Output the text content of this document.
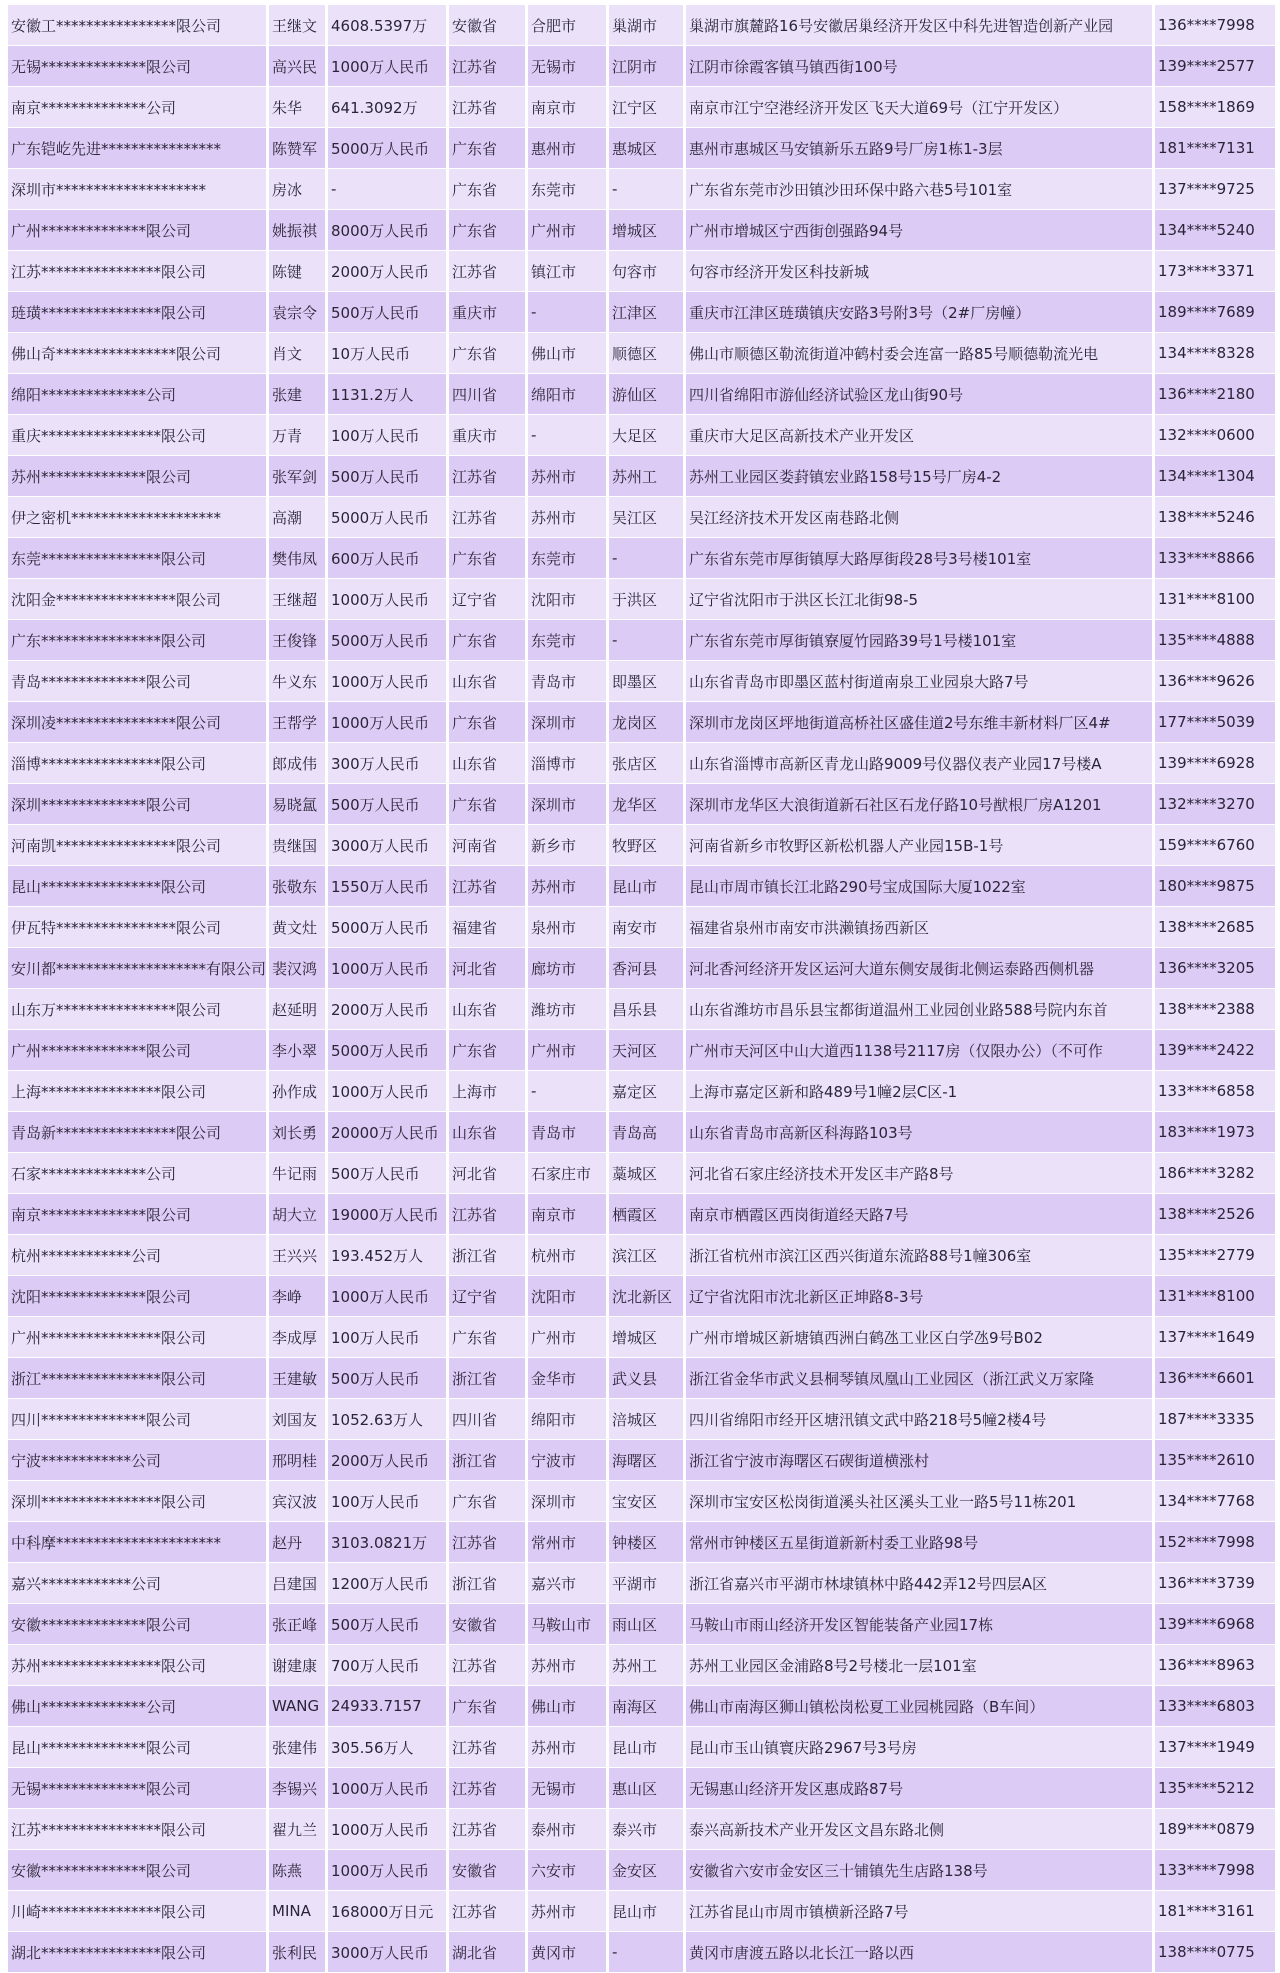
安徽工****************限公司	王继文	4608.5397万	安徽省	合肥市	巢湖市	巢湖市旗麓路16号安徽居巢经济开发区中科先进智造创新产业园	136****7998
无锡**************限公司	高兴民	1000万人民币	江苏省	无锡市	江阴市	江阴市徐霞客镇马镇西街100号	139****2577
南京**************公司	朱华	641.3092万	江苏省	南京市	江宁区	南京市江宁空港经济开发区飞天大道69号（江宁开发区）	158****1869
广东铠屹先进****************	陈赞军	5000万人民币	广东省	惠州市	惠城区	惠州市惠城区马安镇新乐五路9号厂房1栋1-3层	181****7131
深圳市********************	房冰	-	广东省	东莞市	-	广东省东莞市沙田镇沙田环保中路六巷5号101室	137****9725
广州**************限公司	姚振祺	8000万人民币	广东省	广州市	增城区	广州市增城区宁西街创强路94号	134****5240
江苏****************限公司	陈键	2000万人民币	江苏省	镇江市	句容市	句容市经济开发区科技新城	173****3371
琏璜****************限公司	袁宗令	500万人民币	重庆市	-	江津区	重庆市江津区琏璜镇庆安路3号附3号（2#厂房幢）	189****7689
佛山奇****************限公司	肖文	10万人民币	广东省	佛山市	顺德区	佛山市顺德区勒流街道冲鹤村委会连富一路85号顺德勒流光电	134****8328
绵阳**************公司	张建	1131.2万人	四川省	绵阳市	游仙区	四川省绵阳市游仙经济试验区龙山街90号	136****2180
重庆****************限公司	万青	100万人民币	重庆市	-	大足区	重庆市大足区高新技术产业开发区	132****0600
苏州**************限公司	张军剑	500万人民币	江苏省	苏州市	苏州工	苏州工业园区娄葑镇宏业路158号15号厂房4-2	134****1304
伊之密机********************	高潮	5000万人民币	江苏省	苏州市	吴江区	吴江经济技术开发区南巷路北侧	138****5246
东莞****************限公司	樊伟凤	600万人民币	广东省	东莞市	-	广东省东莞市厚街镇厚大路厚街段28号3号楼101室	133****8866
沈阳金****************限公司	王继超	1000万人民币	辽宁省	沈阳市	于洪区	辽宁省沈阳市于洪区长江北街98-5	131****8100
广东****************限公司	王俊锋	5000万人民币	广东省	东莞市	-	广东省东莞市厚街镇寮厦竹园路39号1号楼101室	135****4888
青岛**************限公司	牛义东	1000万人民币	山东省	青岛市	即墨区	山东省青岛市即墨区蓝村街道南泉工业园泉大路7号	136****9626
深圳凌****************限公司	王帮学	1000万人民币	广东省	深圳市	龙岗区	深圳市龙岗区坪地街道高桥社区盛佳道2号东维丰新材料厂区4#	177****5039
淄博****************限公司	郎成伟	300万人民币	山东省	淄博市	张店区	山东省淄博市高新区青龙山路9009号仪器仪表产业园17号楼A	139****6928
深圳**************限公司	易晓氲	500万人民币	广东省	深圳市	龙华区	深圳市龙华区大浪街道新石社区石龙仔路10号猷根厂房A1201	132****3270
河南凯****************限公司	贵继国	3000万人民币	河南省	新乡市	牧野区	河南省新乡市牧野区新松机器人产业园15B-1号	159****6760
昆山****************限公司	张敬东	1550万人民币	江苏省	苏州市	昆山市	昆山市周市镇长江北路290号宝成国际大厦1022室	180****9875
伊瓦特****************限公司	黄文灶	5000万人民币	福建省	泉州市	南安市	福建省泉州市南安市洪濑镇扬西新区	138****2685
安川都********************有限公司	裴汉鸿	1000万人民币	河北省	廊坊市	香河县	河北香河经济开发区运河大道东侧安晟街北侧运泰路西侧机器	136****3205
山东万****************限公司	赵延明	2000万人民币	山东省	潍坊市	昌乐县	山东省潍坊市昌乐县宝都街道温州工业园创业路588号院内东首	138****2388
广州**************限公司	李小翠	5000万人民币	广东省	广州市	天河区	广州市天河区中山大道西1138号2117房（仅限办公）（不可作	139****2422
上海****************限公司	孙作成	1000万人民币	上海市	-	嘉定区	上海市嘉定区新和路489号1幢2层C区-1	133****6858
青岛新****************限公司	刘长勇	20000万人民币	山东省	青岛市	青岛高	山东省青岛市高新区科海路103号	183****1973
石家**************公司	牛记雨	500万人民币	河北省	石家庄市	藁城区	河北省石家庄经济技术开发区丰产路8号	186****3282
南京**************限公司	胡大立	19000万人民币	江苏省	南京市	栖霞区	南京市栖霞区西岗街道经天路7号	138****2526
杭州************公司	王兴兴	193.452万人	浙江省	杭州市	滨江区	浙江省杭州市滨江区西兴街道东流路88号1幢306室	135****2779
沈阳**************限公司	李峥	1000万人民币	辽宁省	沈阳市	沈北新区	辽宁省沈阳市沈北新区正坤路8-3号	131****8100
广州****************限公司	李成厚	100万人民币	广东省	广州市	增城区	广州市增城区新塘镇西洲白鹤氹工业区白学氹9号B02	137****1649
浙江****************限公司	王建敏	500万人民币	浙江省	金华市	武义县	浙江省金华市武义县桐琴镇凤凰山工业园区（浙江武义万家隆	136****6601
四川**************限公司	刘国友	1052.63万人	四川省	绵阳市	涪城区	四川省绵阳市经开区塘汛镇文武中路218号5幢2楼4号	187****3335
宁波************公司	邢明桂	2000万人民币	浙江省	宁波市	海曙区	浙江省宁波市海曙区石碶街道横涨村	135****2610
深圳****************限公司	宾汉波	100万人民币	广东省	深圳市	宝安区	深圳市宝安区松岗街道溪头社区溪头工业一路5号11栋201	134****7768
中科摩**********************	赵丹	3103.0821万	江苏省	常州市	钟楼区	常州市钟楼区五星街道新新村委工业路98号	152****7998
嘉兴************公司	吕建国	1200万人民币	浙江省	嘉兴市	平湖市	浙江省嘉兴市平湖市林埭镇林中路442弄12号四层A区	136****3739
安徽**************限公司	张正峰	500万人民币	安徽省	马鞍山市	雨山区	马鞍山市雨山经济开发区智能装备产业园17栋	139****6968
苏州****************限公司	谢建康	700万人民币	江苏省	苏州市	苏州工	苏州工业园区金浦路8号2号楼北一层101室	136****8963
佛山**************公司	WANG	24933.7157	广东省	佛山市	南海区	佛山市南海区狮山镇松岗松夏工业园桃园路（B车间）	133****6803
昆山**************限公司	张建伟	305.56万人	江苏省	苏州市	昆山市	昆山市玉山镇寰庆路2967号3号房	137****1949
无锡**************限公司	李锡兴	1000万人民币	江苏省	无锡市	惠山区	无锡惠山经济开发区惠成路87号	135****5212
江苏****************限公司	翟九兰	1000万人民币	江苏省	泰州市	泰兴市	泰兴高新技术产业开发区文昌东路北侧	189****0879
安徽**************限公司	陈燕	1000万人民币	安徽省	六安市	金安区	安徽省六安市金安区三十铺镇先生店路138号	133****7998
川崎****************限公司	MINA	168000万日元	江苏省	苏州市	昆山市	江苏省昆山市周市镇横新泾路7号	181****3161
湖北****************限公司	张利民	3000万人民币	湖北省	黄冈市	-	黄冈市唐渡五路以北长江一路以西	138****0775
